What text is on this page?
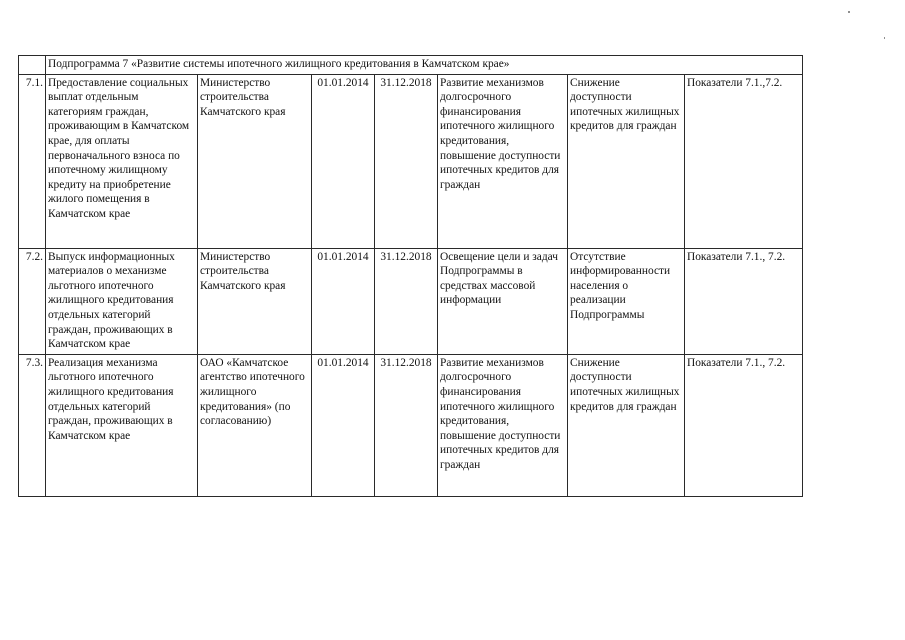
	Подпрограмма 7 «Развитие системы ипотечного жилищного кредитования в Камчатском крае»						
7.1.	Предоставление социальных выплат отдельным категориям граждан, проживающим в Камчатском крае, для оплаты первоначального взноса по ипотечному жилищному кредиту на приобретение жилого помещения в Камчатском крае	Министерство строительства Камчатского края	01.01.2014	31.12.2018	Развитие механизмов долгосрочного финансирования ипотечного жилищного кредитования, повышение доступности ипотечных кредитов для граждан	Снижение доступности ипотечных жилищных кредитов для граждан	Показатели 7.1.,7.2.
7.2.	Выпуск информационных материалов о механизме льготного ипотечного жилищного кредитования отдельных категорий граждан, проживающих в Камчатском крае	Министерство строительства Камчатского края	01.01.2014	31.12.2018	Освещение цели и задач Подпрограммы в средствах массовой информации	Отсутствие информированности населения о реализации Подпрограммы	Показатели 7.1., 7.2.
7.3.	Реализация механизма льготного ипотечного жилищного кредитования отдельных категорий граждан, проживающих в Камчатском крае	ОАО «Камчатское агентство ипотечного жилищного кредитования» (по согласованию)	01.01.2014	31.12.2018	Развитие механизмов долгосрочного финансирования ипотечного жилищного кредитования, повышение доступности ипотечных кредитов для граждан	Снижение доступности ипотечных жилищных кредитов для граждан	Показатели 7.1., 7.2.
